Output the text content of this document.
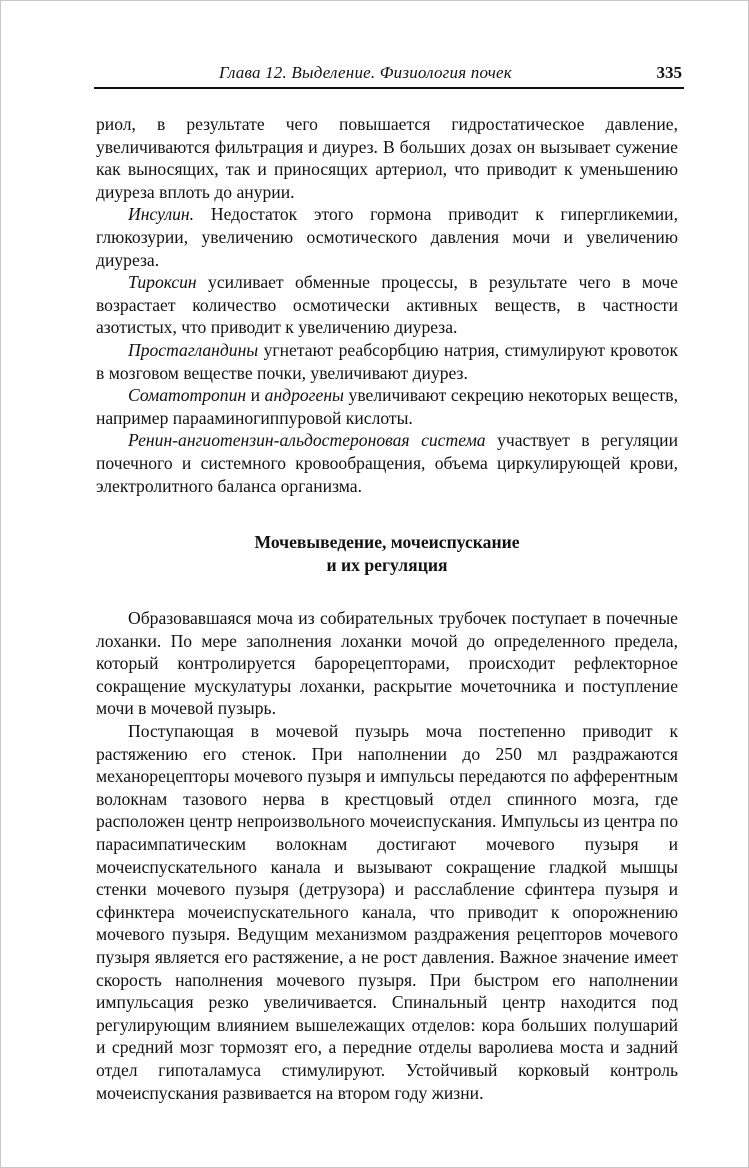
Глава 12. Выделение. Физиология почек	335

риол, в результате чего повышается гидростатическое давление, увеличиваются фильтрация и диурез. В больших дозах он вызывает сужение как выносящих, так и приносящих артериол, что приводит к уменьшению диуреза вплоть до анурии.

Инсулин. Недостаток этого гормона приводит к гипергликемии, глюкозурии, увеличению осмотического давления мочи и увеличению диуреза.

Тироксин усиливает обменные процессы, в результате чего в моче возрастает количество осмотически активных веществ, в частности азотистых, что приводит к увеличению диуреза.

Простагландины угнетают реабсорбцию натрия, стимулируют кровоток в мозговом веществе почки, увеличивают диурез.

Соматотропин и андрогены увеличивают секрецию некоторых веществ, например парааминогиппуровой кислоты.

Ренин-ангиотензин-альдостероновая система участвует в регуляции почечного и системного кровообращения, объема циркулирующей крови, электролитного баланса организма.

Мочевыведение, мочеиспускание
и их регуляция

Образовавшаяся моча из собирательных трубочек поступает в почечные лоханки. По мере заполнения лоханки мочой до определенного предела, который контролируется барорецепторами, происходит рефлекторное сокращение мускулатуры лоханки, раскрытие мочеточника и поступление мочи в мочевой пузырь.

Поступающая в мочевой пузырь моча постепенно приводит к растяжению его стенок. При наполнении до 250 мл раздражаются механорецепторы мочевого пузыря и импульсы передаются по афферентным волокнам тазового нерва в крестцовый отдел спинного мозга, где расположен центр непроизвольного мочеиспускания. Импульсы из центра по парасимпатическим волокнам достигают мочевого пузыря и мочеиспускательного канала и вызывают сокращение гладкой мышцы стенки мочевого пузыря (детрузора) и расслабление сфинтера пузыря и сфинктера мочеиспускательного канала, что приводит к опорожнению мочевого пузыря. Ведущим механизмом раздражения рецепторов мочевого пузыря является его растяжение, а не рост давления. Важное значение имеет скорость наполнения мочевого пузыря. При быстром его наполнении импульсация резко увеличивается. Спинальный центр находится под регулирующим влиянием вышележащих отделов: кора больших полушарий и средний мозг тормозят его, а передние отделы варолиева моста и задний отдел гипоталамуса стимулируют. Устойчивый корковый контроль мочеиспускания развивается на втором году жизни.
